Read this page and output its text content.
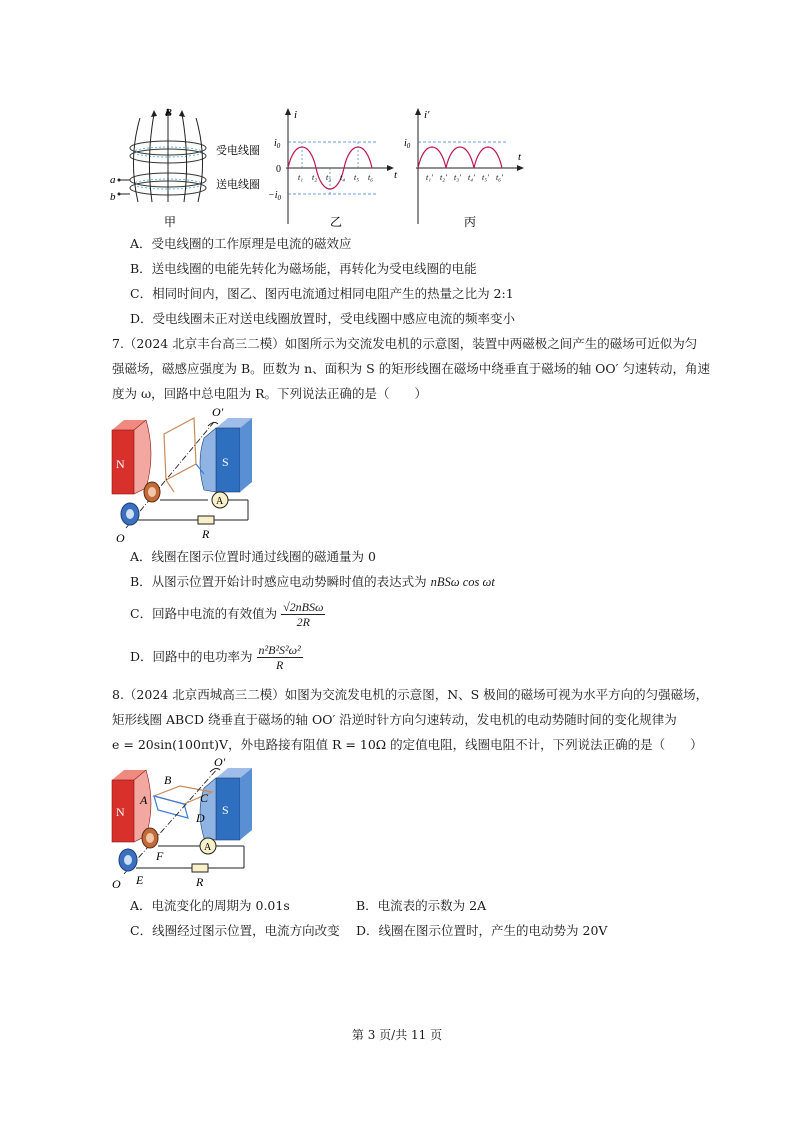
B
a
b
受电线圈
送电线圈
甲
i
t
0
$i_0$
$-i_0$
t₁ t₂ t₃ t₄ t₅ t₆
乙
i′
t
$i_0$
t₁′ t₂′ t₃′ t₄′ t₅′ t₆′
丙
A．受电线圈的工作原理是电流的磁效应
B．送电线圈的电能先转化为磁场能，再转化为受电线圈的电能
C．相同时间内，图乙、图丙电流通过相同电阻产生的热量之比为 2:1
D．受电线圈未正对送电线圈放置时，受电线圈中感应电流的频率变小
7.（2024 北京丰台高三二模）如图所示为交流发电机的示意图，装置中两磁极之间产生的磁场可近似为匀
强磁场，磁感应强度为 B。匝数为 n、面积为 S 的矩形线圈在磁场中绕垂直于磁场的轴 OO′ 匀速转动，角速
度为 ω，回路中总电阻为 R。下列说法正确的是（　　）
N	S
O′
O
A
R
A．线圈在图示位置时通过线圈的磁通量为 0
B．从图示位置开始计时感应电动势瞬时值的表达式为 nBSω cos ωt
C．回路中电流的有效值为 $\frac{\text{√2nBSω}}{2R}$
D．回路中的电功率为 $\frac{\text{n²B²S²ω²}}{R}$
8.（2024 北京西城高三二模）如图为交流发电机的示意图，N、S 极间的磁场可视为水平方向的匀强磁场，
矩形线圈 ABCD 绕垂直于磁场的轴 OO′ 沿逆时针方向匀速转动，发电机的电动势随时间的变化规律为
e = 20sin(100πt)V，外电路接有阻值 R = 10Ω 的定值电阻，线圈电阻不计，下列说法正确的是（　　）
N	S
O′
A
B
C
D
F
E
O
A
R
A．电流变化的周期为 0.01s	B．电流表的示数为 2A
C．线圈经过图示位置，电流方向改变 D．线圈在图示位置时，产生的电动势为 20V
第 3 页/共 11 页
